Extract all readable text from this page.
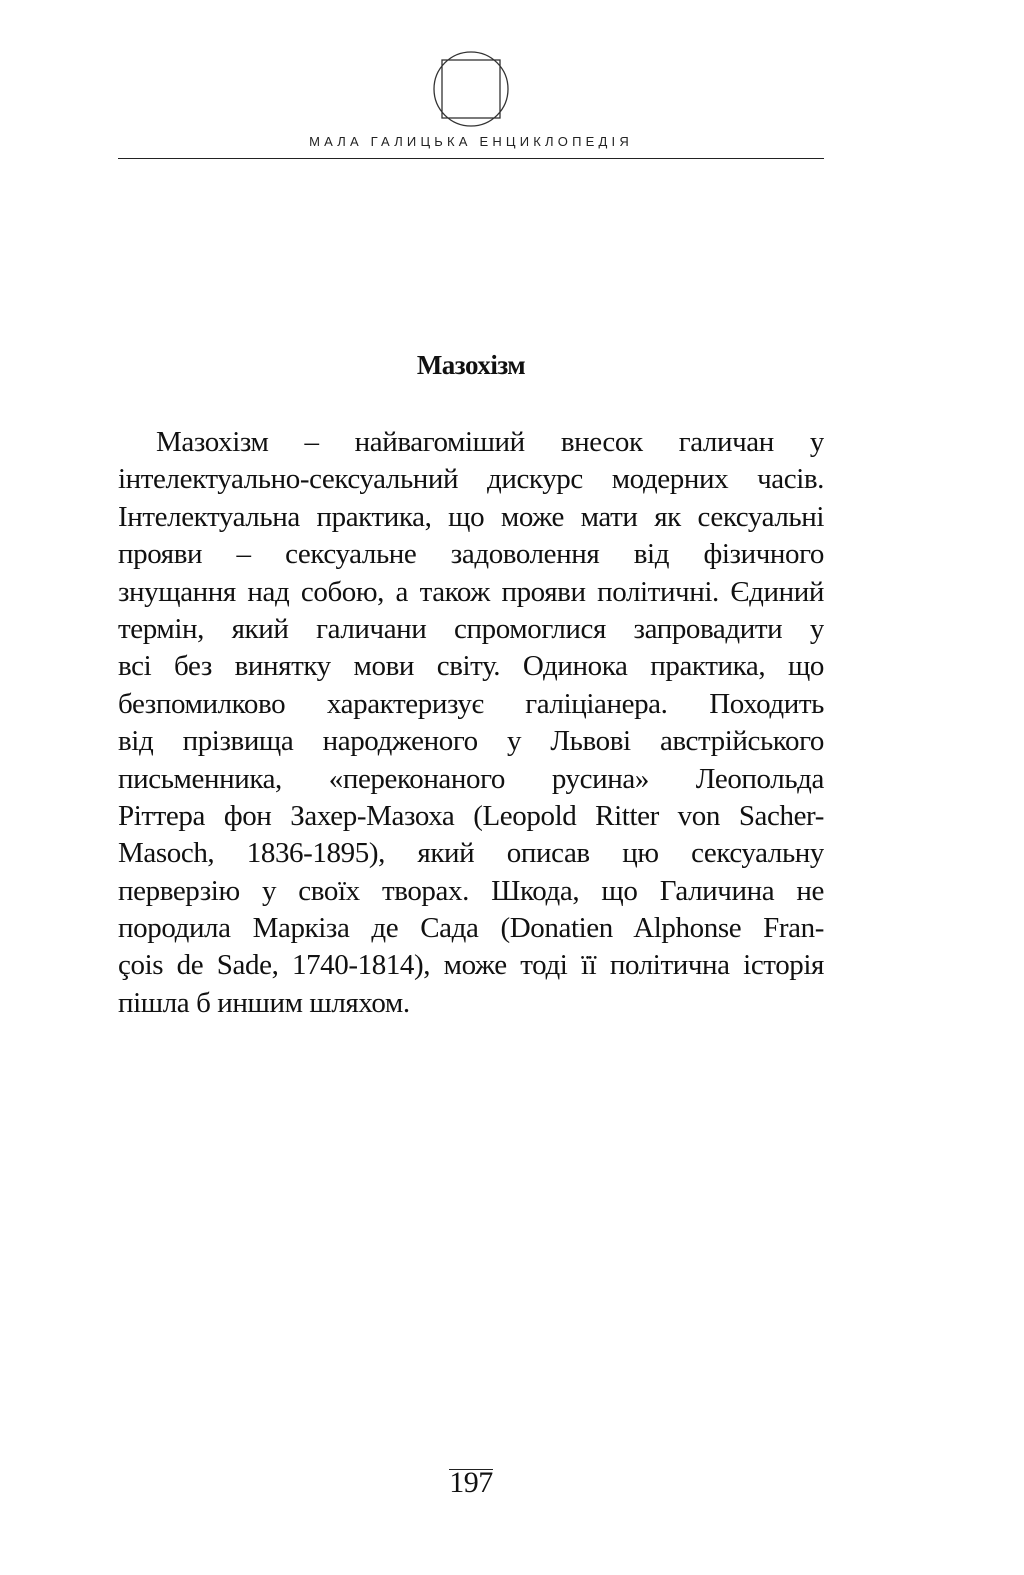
МАЛА ГАЛИЦЬКА ЕНЦИКЛОПЕДІЯ
Мазохізм
Мазохізм – найвагоміший внесок галичан у
інтелектуально-сексуальний дискурс модерних часів.
Інтелектуальна практика, що може мати як сексуальні
прояви – сексуальне задоволення від фізичного
знущання над собою, а також прояви політичні. Єдиний
термін, який галичани спромоглися запровадити у
всі без винятку мови світу. Одинока практика, що
безпомилково характеризує галіціанера. Походить
від прізвища народженого у Львові австрійського
письменника, «переконаного русина» Леопольда
Ріттера фон Захер-Мазоха (Leopold Ritter von Sacher-
Masoch, 1836-1895), який описав цю сексуальну
перверзію у своїх творах. Шкода, що Галичина не
породила Маркіза де Сада (Donatien Alphonse Fran-
çois de Sade, 1740-1814), може тоді її політична історія
пішла б иншим шляхом.
197
